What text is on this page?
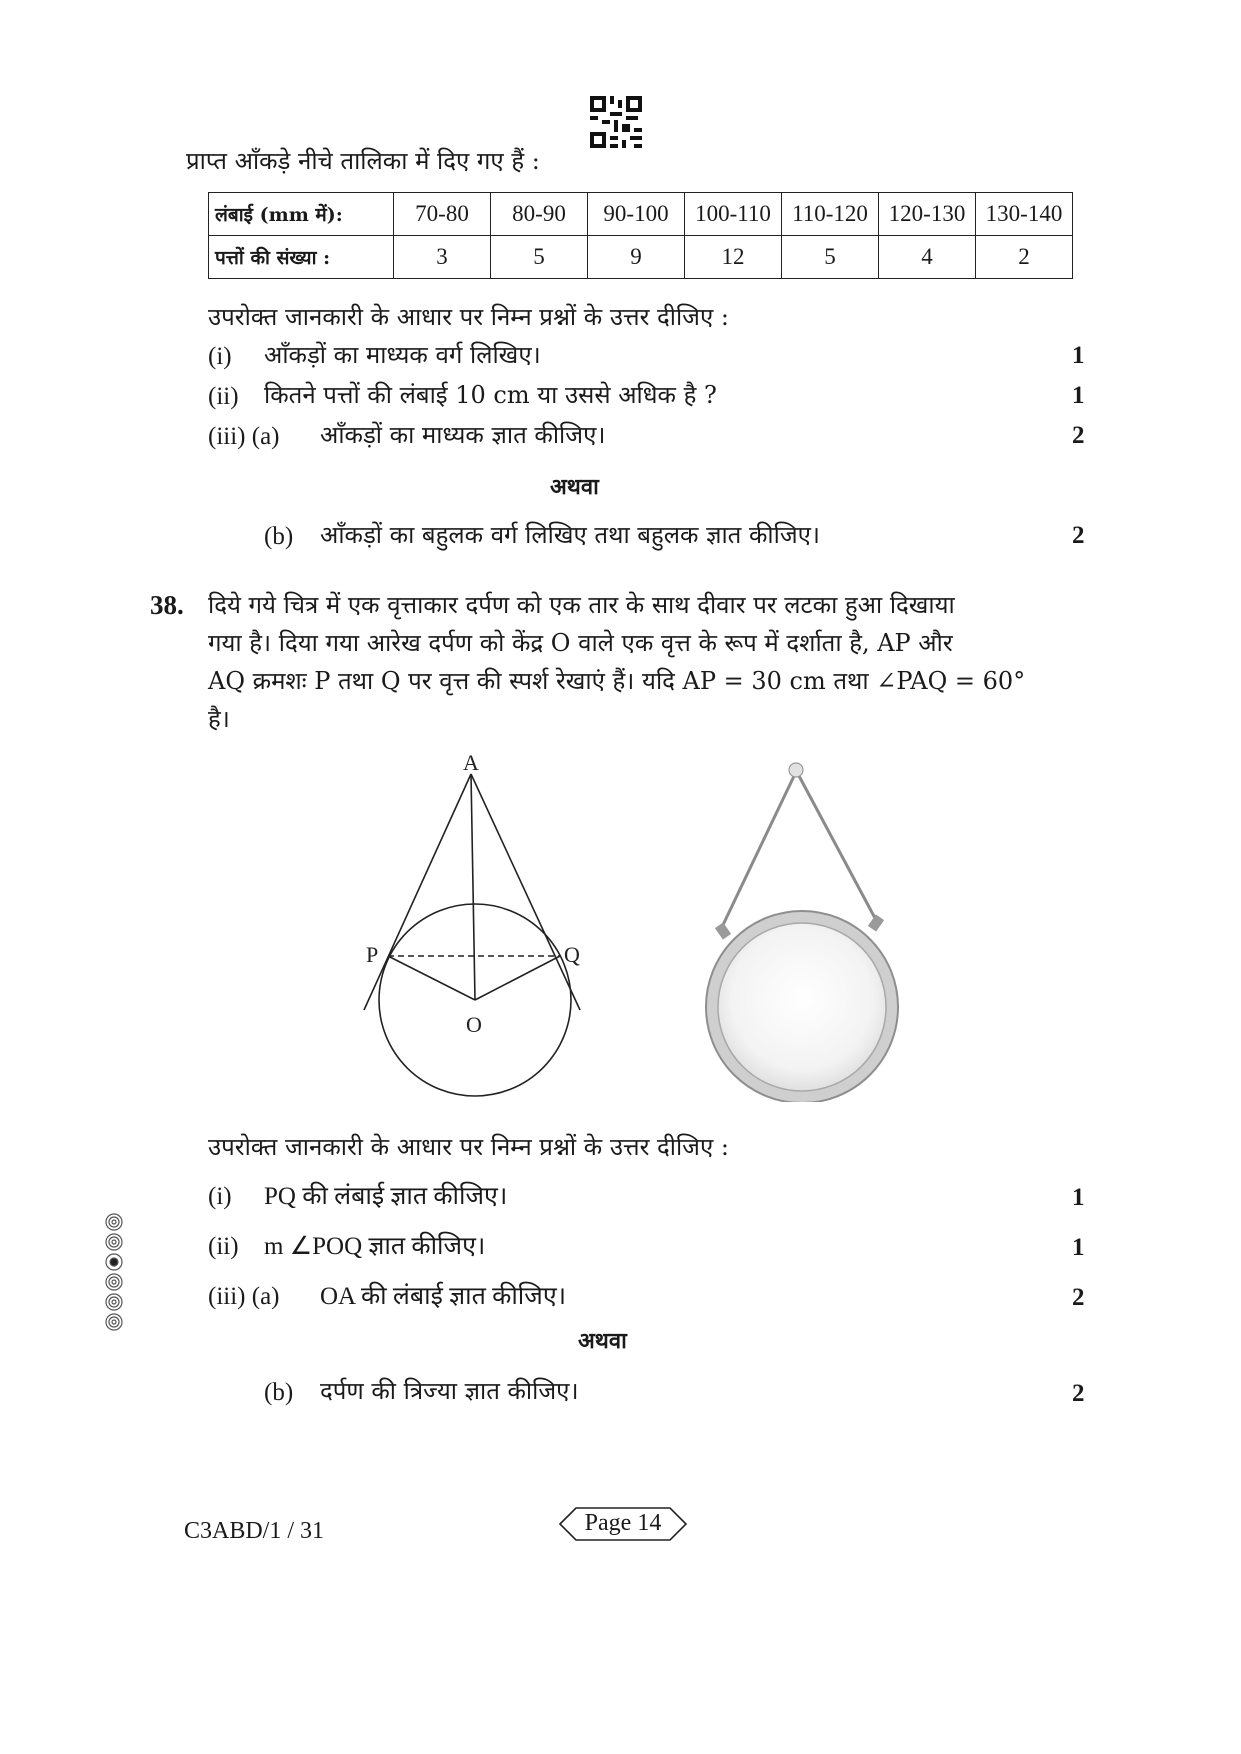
प्राप्त आँकड़े नीचे तालिका में दिए गए हैं :
लंबाई (mm में):	70-80	80-90	90-100	100-110	110-120	120-130	130-140
पत्तों की संख्या :	3	5	9	12	5	4	2
उपरोक्त जानकारी के आधार पर निम्न प्रश्नों के उत्तर दीजिए :
(i) आँकड़ों का माध्यक वर्ग लिखिए।	1
(ii) कितने पत्तों की लंबाई 10 cm या उससे अधिक है ?	1
(iii) (a) आँकड़ों का माध्यक ज्ञात कीजिए।	2
अथवा
(b) आँकड़ों का बहुलक वर्ग लिखिए तथा बहुलक ज्ञात कीजिए।	2
38. दिये गये चित्र में एक वृत्ताकार दर्पण को एक तार के साथ दीवार पर लटका हुआ दिखाया
गया है। दिया गया आरेख दर्पण को केंद्र O वाले एक वृत्त के रूप में दर्शाता है, AP और
AQ क्रमशः P तथा Q पर वृत्त की स्पर्श रेखाएं हैं। यदि AP = 30 cm तथा ∠PAQ = 60°
है।
A
P	Q
O
उपरोक्त जानकारी के आधार पर निम्न प्रश्नों के उत्तर दीजिए :
(i) PQ की लंबाई ज्ञात कीजिए।	1
(ii) m ∠POQ ज्ञात कीजिए।	1
(iii) (a) OA की लंबाई ज्ञात कीजिए।	2
अथवा
(b) दर्पण की त्रिज्या ज्ञात कीजिए।	2
C3ABD/1 / 31	Page 14
